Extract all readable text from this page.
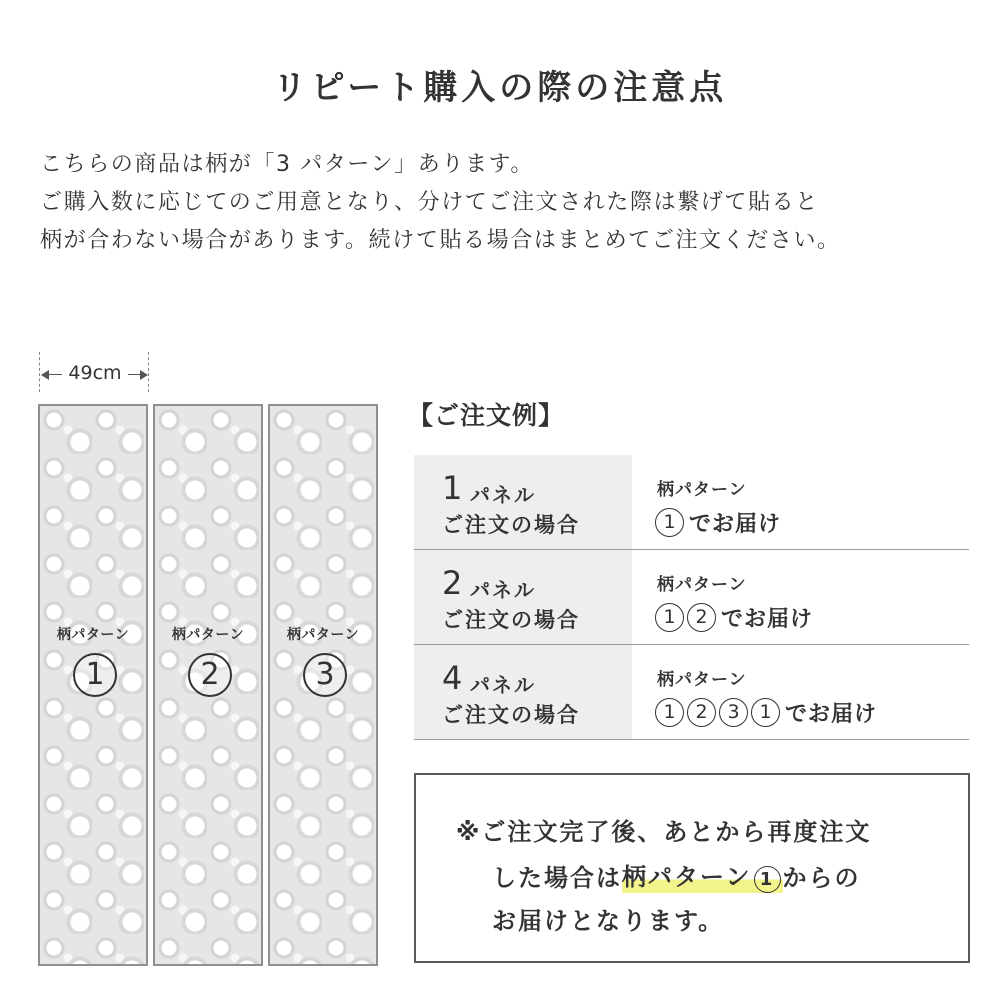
リピート購入の際の注意点

こちらの商品は柄が「3 パターン」あります。

ご購入数に応じてのご用意となり、分けてご注文された際は繋げて貼ると

柄が合わない場合があります。続けて貼る場合はまとめてご注文ください。

49cm
柄パターン
1
柄パターン
2
柄パターン
3
【ご注文例】
1 パネル
ご注文の場合
柄パターン
1 でお届け
2 パネル
ご注文の場合
柄パターン
1	2 でお届け
4 パネル
ご注文の場合
柄パターン
1	2	3	1 でお届け
※ご注文完了後、あとから再度注文
した場合は 柄パターン 1 からの
お届けとなります。
